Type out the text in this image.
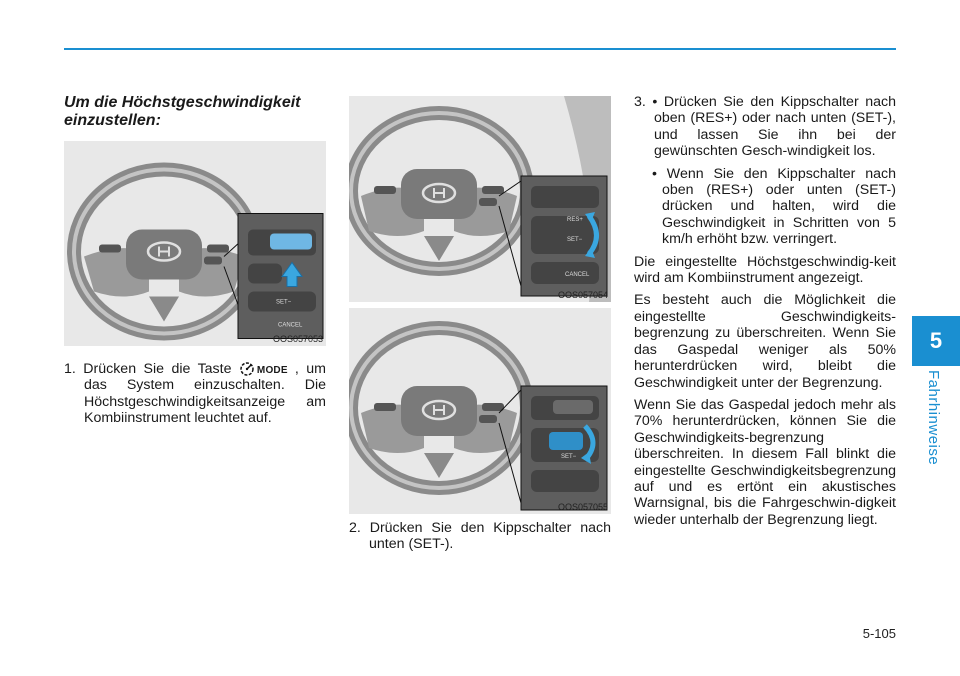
5
Fahrhinweise
Um die Höchstgeschwindigkeit einzustellen:
SET−
CANCEL
OOS057053
RES+
SET−
CANCEL
OOS057054
SET−
OOS057055
1. Drücken Sie die Taste MODE , um das System einzuschalten. Die Höchstgeschwindigkeitsanzeige am Kombiinstrument leuchtet auf.
2. Drücken Sie den Kippschalter nach unten (SET-).
3. • Drücken Sie den Kippschalter nach oben (RES+) oder nach unten (SET-), und lassen Sie ihn bei der gewünschten Gesch-windigkeit los.
• Wenn Sie den Kippschalter nach oben (RES+) oder unten (SET-) drücken und halten, wird die Geschwindigkeit in Schritten von 5 km/h erhöht bzw. verringert.
Die eingestellte Höchstgeschwindig-keit wird am Kombiinstrument angezeigt.
Es besteht auch die Möglichkeit die eingestellte Geschwindigkeits-begrenzung zu überschreiten. Wenn Sie das Gaspedal weniger als 50% herunterdrücken wird, bleibt die Geschwindigkeit unter der Begrenzung.
Wenn Sie das Gaspedal jedoch mehr als 70% herunterdrücken, können Sie die Geschwindigkeits-begrenzung überschreiten. In diesem Fall blinkt die eingestellte Geschwindigkeitsbegrenzung auf und es ertönt ein akustisches Warnsignal, bis die Fahrgeschwin-digkeit wieder unterhalb der Begrenzung liegt.
5-105
